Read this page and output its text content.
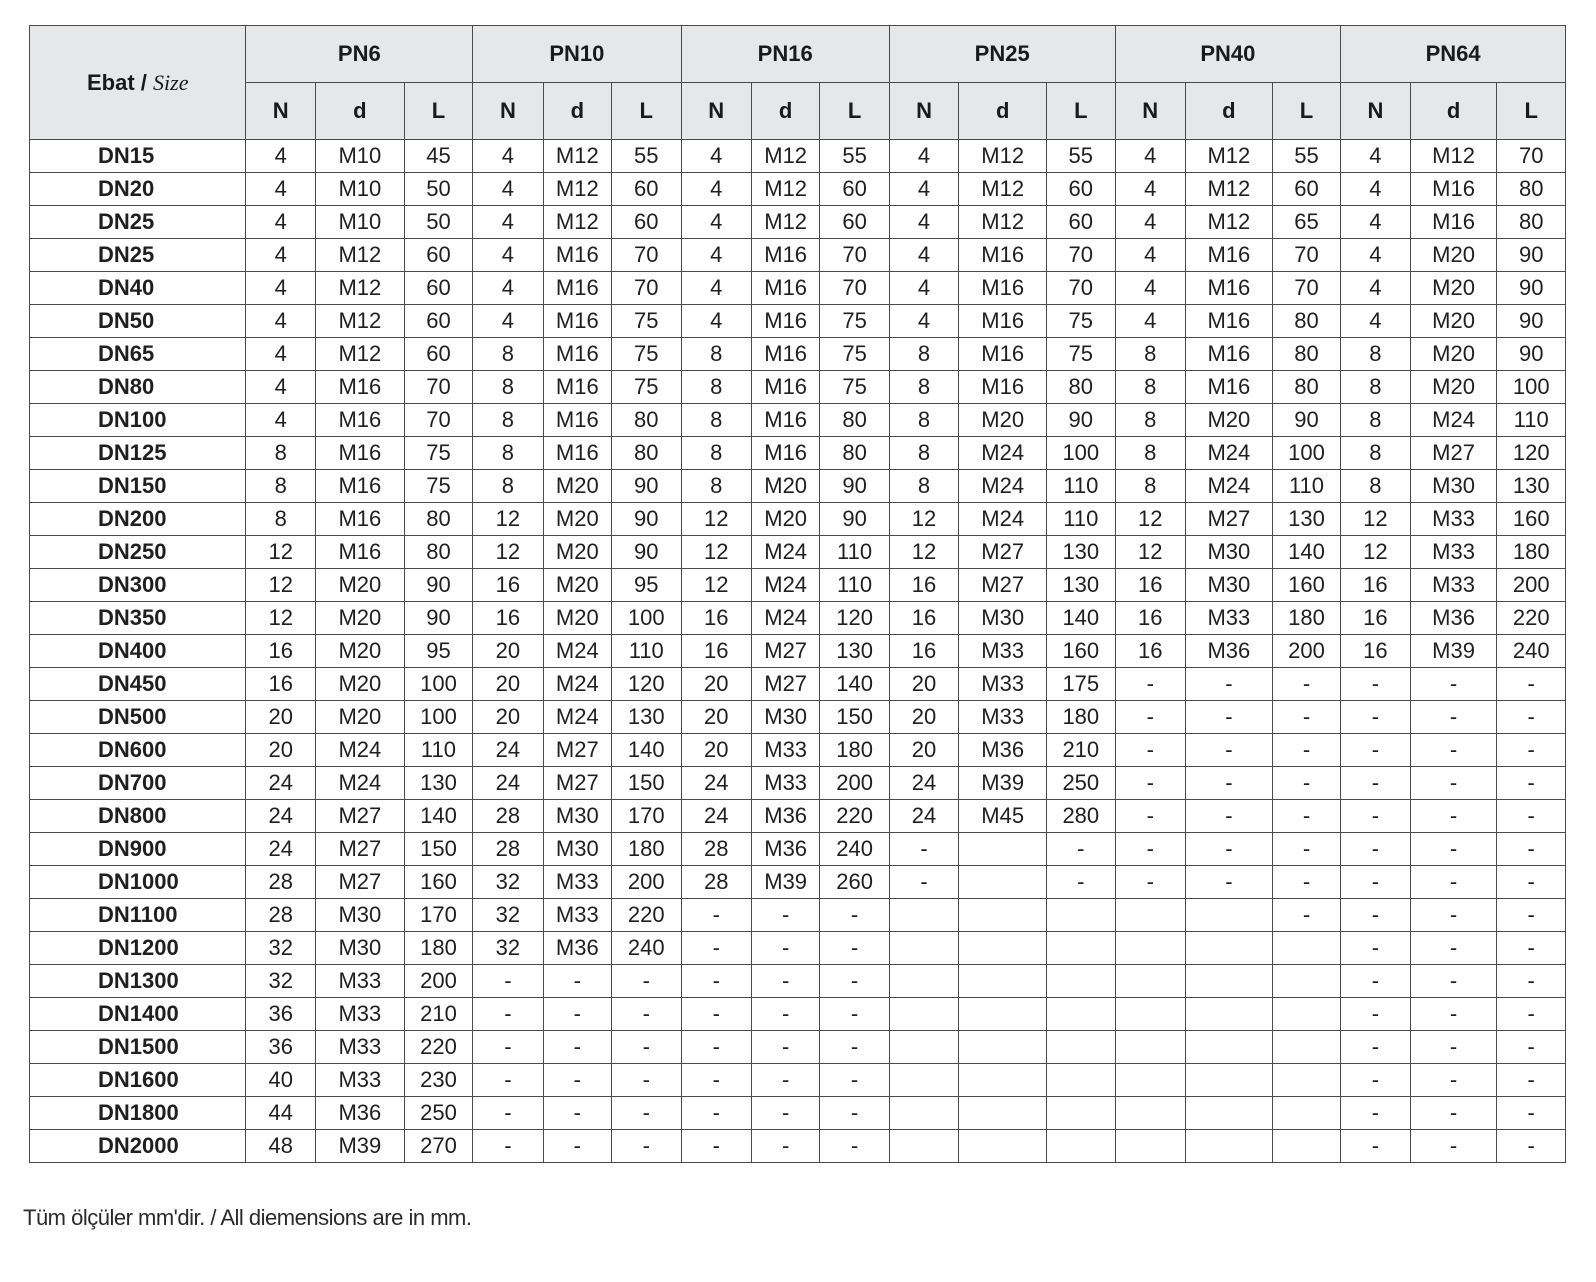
Ebat / Size	PN6			PN10			PN16			PN25			PN40			PN64		
	N	d	L	N	d	L	N	d	L	N	d	L	N	d	L	N	d	L
DN15	4	M10	45	4	M12	55	4	M12	55	4	M12	55	4	M12	55	4	M12	70
DN20	4	M10	50	4	M12	60	4	M12	60	4	M12	60	4	M12	60	4	M16	80
DN25	4	M10	50	4	M12	60	4	M12	60	4	M12	60	4	M12	65	4	M16	80
DN25	4	M12	60	4	M16	70	4	M16	70	4	M16	70	4	M16	70	4	M20	90
DN40	4	M12	60	4	M16	70	4	M16	70	4	M16	70	4	M16	70	4	M20	90
DN50	4	M12	60	4	M16	75	4	M16	75	4	M16	75	4	M16	80	4	M20	90
DN65	4	M12	60	8	M16	75	8	M16	75	8	M16	75	8	M16	80	8	M20	90
DN80	4	M16	70	8	M16	75	8	M16	75	8	M16	80	8	M16	80	8	M20	100
DN100	4	M16	70	8	M16	80	8	M16	80	8	M20	90	8	M20	90	8	M24	110
DN125	8	M16	75	8	M16	80	8	M16	80	8	M24	100	8	M24	100	8	M27	120
DN150	8	M16	75	8	M20	90	8	M20	90	8	M24	110	8	M24	110	8	M30	130
DN200	8	M16	80	12	M20	90	12	M20	90	12	M24	110	12	M27	130	12	M33	160
DN250	12	M16	80	12	M20	90	12	M24	110	12	M27	130	12	M30	140	12	M33	180
DN300	12	M20	90	16	M20	95	12	M24	110	16	M27	130	16	M30	160	16	M33	200
DN350	12	M20	90	16	M20	100	16	M24	120	16	M30	140	16	M33	180	16	M36	220
DN400	16	M20	95	20	M24	110	16	M27	130	16	M33	160	16	M36	200	16	M39	240
DN450	16	M20	100	20	M24	120	20	M27	140	20	M33	175	-	-	-	-	-	-
DN500	20	M20	100	20	M24	130	20	M30	150	20	M33	180	-	-	-	-	-	-
DN600	20	M24	110	24	M27	140	20	M33	180	20	M36	210	-	-	-	-	-	-
DN700	24	M24	130	24	M27	150	24	M33	200	24	M39	250	-	-	-	-	-	-
DN800	24	M27	140	28	M30	170	24	M36	220	24	M45	280	-	-	-	-	-	-
DN900	24	M27	150	28	M30	180	28	M36	240	-		-	-	-	-	-	-	-
DN1000	28	M27	160	32	M33	200	28	M39	260	-		-	-	-	-	-	-	-
DN1100	28	M30	170	32	M33	220	-	-	-						-	-	-	-
DN1200	32	M30	180	32	M36	240	-	-	-							-	-	-
DN1300	32	M33	200	-	-	-	-	-	-							-	-	-
DN1400	36	M33	210	-	-	-	-	-	-							-	-	-
DN1500	36	M33	220	-	-	-	-	-	-							-	-	-
DN1600	40	M33	230	-	-	-	-	-	-							-	-	-
DN1800	44	M36	250	-	-	-	-	-	-							-	-	-
DN2000	48	M39	270	-	-	-	-	-	-							-	-	-
Tüm ölçüler mm'dir. / All diemensions are in mm.
